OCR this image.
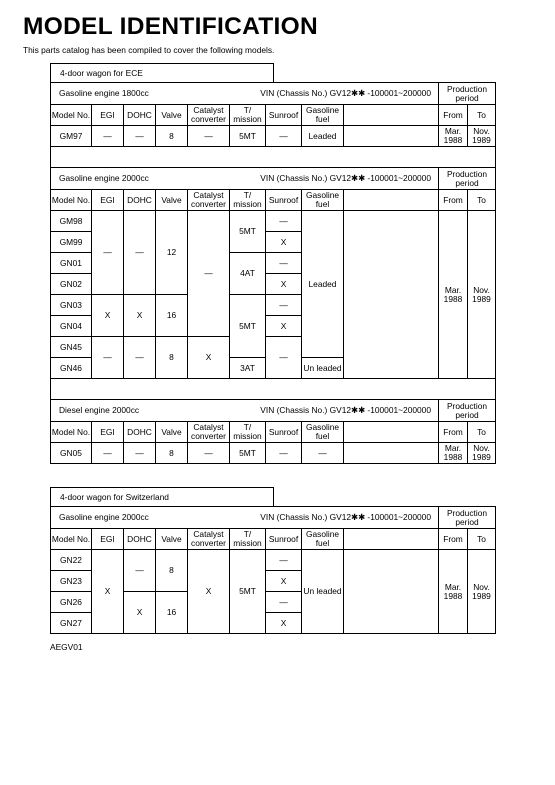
MODEL IDENTIFICATION
This parts catalog has been compiled to cover the following models.
4-door wagon for ECE
Gasoline engine 1800cc				VIN (Chassis No.) GV12✱✱ -100001~200000					Production period	
Model No.	EGI	DOHC	Valve	Catalyst converter	T/ mission	Sunroof	Gasoline fuel		From	To
GM97	—	—	8	—	5MT	—	Leaded		Mar. 1988	Nov. 1989

Gasoline engine 2000cc				VIN (Chassis No.) GV12✱✱ -100001~200000					Production period	
Model No.	EGI	DOHC	Valve	Catalyst converter	T/ mission	Sunroof	Gasoline fuel		From	To
GM98	—	—	12	—	5MT	—	Leaded		Mar. 1988	Nov. 1989
GM99						X				
GN01					4AT	—				
GN02						X				
GN03	X	X	16		5MT	—				
GN04						X				
GN45	—	—	8	X		—				
GN46					3AT		Un leaded			

Diesel engine 2000cc				VIN (Chassis No.) GV12✱✱ -100001~200000					Production period	
Model No.	EGI	DOHC	Valve	Catalyst converter	T/ mission	Sunroof	Gasoline fuel		From	To
GN05	—	—	8	—	5MT	—	—		Mar. 1988	Nov. 1989
4-door wagon for Switzerland
Gasoline engine 2000cc				VIN (Chassis No.) GV12✱✱ -100001~200000					Production period	
Model No.	EGI	DOHC	Valve	Catalyst converter	T/ mission	Sunroof	Gasoline fuel		From	To
GN22	X	—	8	X	5MT	—	Un leaded		Mar. 1988	Nov. 1989
GN23						X				
GN26		X	16			—				
GN27						X				
AEGV01
